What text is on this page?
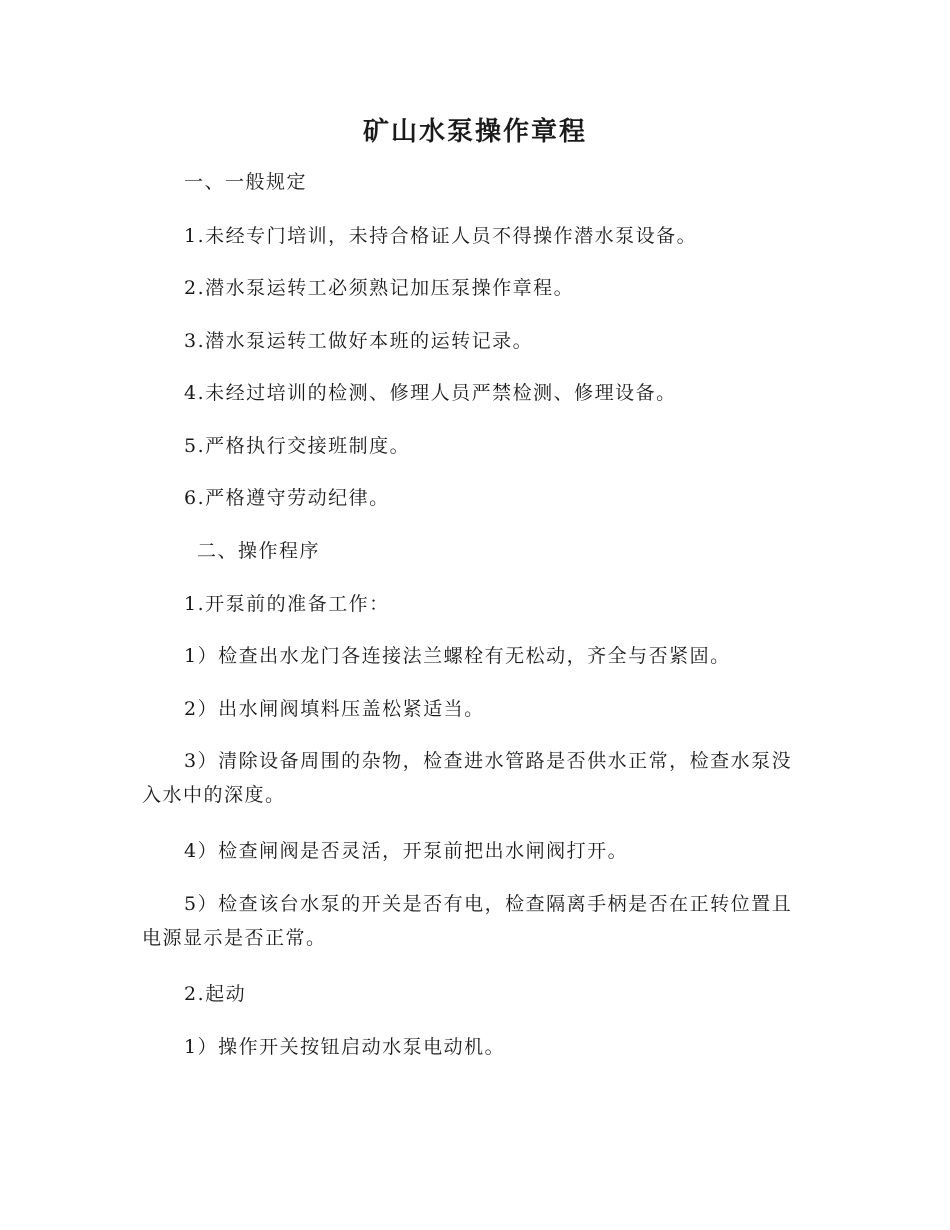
矿山水泵操作章程

一、一般规定

1.未经专门培训，未持合格证人员不得操作潜水泵设备。

2.潜水泵运转工必须熟记加压泵操作章程。

3.潜水泵运转工做好本班的运转记录。

4.未经过培训的检测、修理人员严禁检测、修理设备。

5.严格执行交接班制度。

6.严格遵守劳动纪律。

二、操作程序

1.开泵前的准备工作：

1）检查出水龙门各连接法兰螺栓有无松动，齐全与否紧固。

2）出水闸阀填料压盖松紧适当。

3）清除设备周围的杂物，检查进水管路是否供水正常，检查水泵没入水中的深度。

4）检查闸阀是否灵活，开泵前把出水闸阀打开。

5）检查该台水泵的开关是否有电，检查隔离手柄是否在正转位置且电源显示是否正常。

2.起动

1）操作开关按钮启动水泵电动机。
